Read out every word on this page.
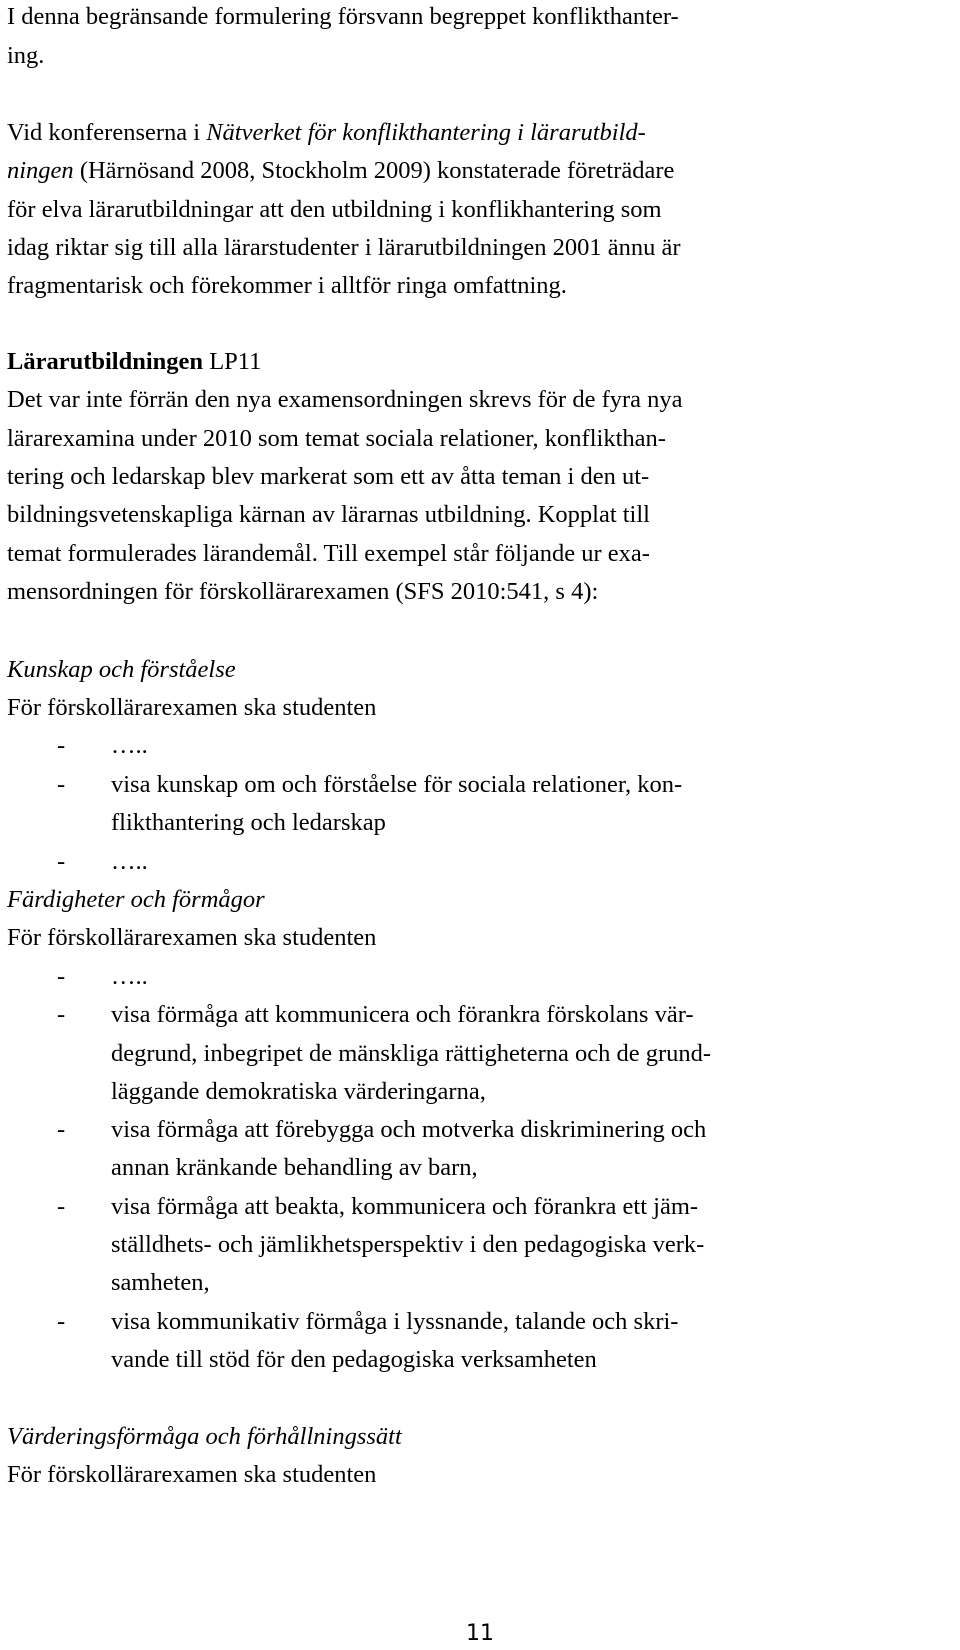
I denna begränsande formulering försvann begreppet konflikthanter-
ing.
Vid konferenserna i Nätverket för konflikthantering i lärarutbild-
ningen (Härnösand 2008, Stockholm 2009) konstaterade företrädare
för elva lärarutbildningar att den utbildning i konflikhantering som
idag riktar sig till alla lärarstudenter i lärarutbildningen 2001 ännu är
fragmentarisk och förekommer i alltför ringa omfattning.
Lärarutbildningen LP11
Det var inte förrän den nya examensordningen skrevs för de fyra nya
lärarexamina under 2010 som temat sociala relationer, konflikthan-
tering och ledarskap blev markerat som ett av åtta teman i den ut-
bildningsvetenskapliga kärnan av lärarnas utbildning. Kopplat till
temat formulerades lärandemål. Till exempel står följande ur exa-
mensordningen för förskollärarexamen (SFS 2010:541, s 4):
Kunskap och förståelse
För förskollärarexamen ska studenten
- …..
- visa kunskap om och förståelse för sociala relationer, kon-
flikthantering och ledarskap
- …..
Färdigheter och förmågor
För förskollärarexamen ska studenten
- …..
- visa förmåga att kommunicera och förankra förskolans vär-
degrund, inbegripet de mänskliga rättigheterna och de grund-
läggande demokratiska värderingarna,
- visa förmåga att förebygga och motverka diskriminering och
annan kränkande behandling av barn,
- visa förmåga att beakta, kommunicera och förankra ett jäm-
ställdhets- och jämlikhetsperspektiv i den pedagogiska verk-
samheten,
- visa kommunikativ förmåga i lyssnande, talande och skri-
vande till stöd för den pedagogiska verksamheten
Värderingsförmåga och förhållningssätt
För förskollärarexamen ska studenten
11
